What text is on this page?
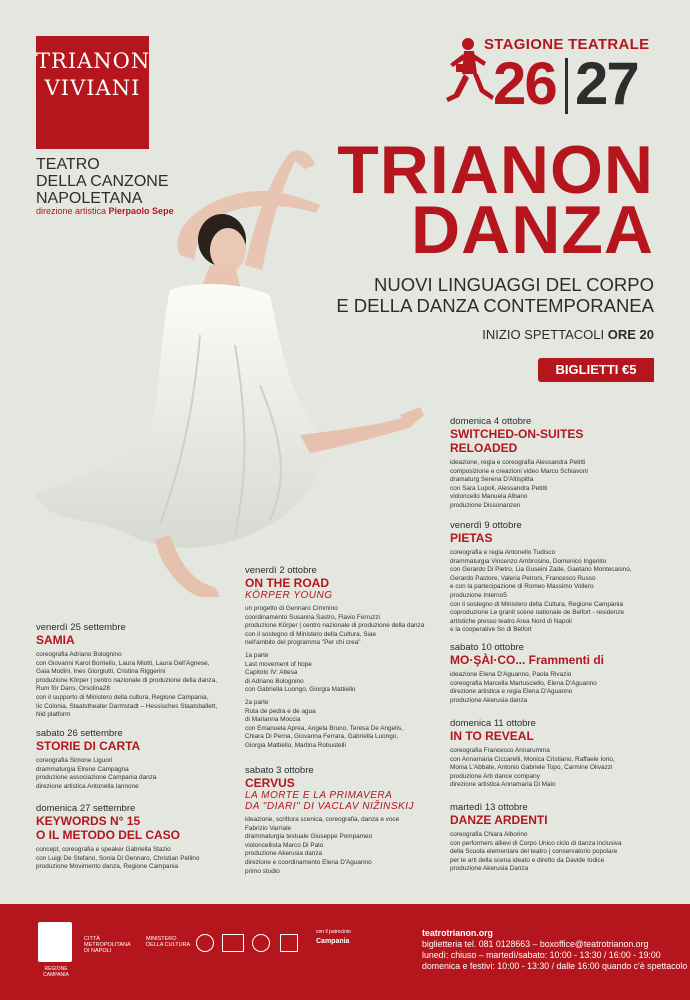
TRIANON
VIVIANI
TEATRO
DELLA CANZONE
NAPOLETANA
direzione artistica Pierpaolo Sepe
STAGIONE TEATRALE
26 27
TRIANON
DANZA
NUOVI LINGUAGGI DEL CORPO
E DELLA DANZA CONTEMPORANEA
INIZIO SPETTACOLI ORE 20
BIGLIETTI €5
venerdì 25 settembre
SAMIA

coreografia Adriano Bolognino

con Giovanni Karol Borriello, Laura Miotti, Laura Dell'Agnese,

Gaia Modini, Ines Giorgiutti, Cristina Riggerini

produzione Körper | centro nazionale di produzione della danza,

Rum för Dans, Orsolina28

con il supporto di Ministero della cultura, Regione Campania,

Iic Colonia, Staatstheater Darmstadt – Hessisches Staatsballett,

Nid platform

sabato 26 settembre
STORIE DI CARTA

coreografia Simone Liguori

drammaturgia Elrene Campagna

produzione associazione Campania danza

direzione artistica Antonella Iannone

domenica 27 settembre
KEYWORDS N° 15
O IL METODO DEL CASO

concept, coreografia e speaker Gabriella Stazio

con Luigi De Stefano, Sonia Di Gennaro, Christian Pellino

produzione Movimento danza, Regione Campania

venerdì 2 ottobre
ON THE ROAD
KÖRPER YOUNG

un progetto di Gennaro Cimmino

coordinamento Susanna Sastro, Flavio Ferruzzi

produzione Körper | centro nazionale di produzione della danza

con il sostegno di Ministero della Cultura, Siae

nell'ambito del programma "Per chi crea"

1a parte

Last movement of hope

Capitolo IV: Attesa

di Adriano Bolognino

con Gabriella Luongo, Giorgia Mattiello

2a parte

Ruta de pedra e de agua

di Marianna Moccia

con Emanuela Aprea, Angela Bruno, Teresa De Angelis,

Chiara Di Perna, Giovanna Ferrara, Gabriella Luongo,

Giorgia Mattiello, Martina Robustelli

sabato 3 ottobre
CERVUS
LA MORTE E LA PRIMAVERA
DA "DIARI" DI VACLAV NIŽINSKIJ

ideazione, scrittura scenica, coreografia, danza e voce

Fabrizio Varriale

drammaturgia testuale Giuseppe Pompameo

violoncellista Marco Di Palo

produzione Akerusia danza

direzione e coordinamento Elena D'Aguanno

primo studio

domenica 4 ottobre
SWITCHED-ON-SUITES
RELOADED

ideazione, regia e coreografia Alessandra Petitti

composizione e creazioni video Marco Schiavoni

dramaturg Serena D'Altispitta

con Sara Lupoli, Alessandra Petitti

violoncello Manuela Albano

produzione Dissonanzen

venerdì 9 ottobre
PIETAS

coreografia e regia Antonello Tudisco

drammaturgia Vincenzo Ambrosino, Domenico Ingenito

con Gerardo Di Pietro, Lia Guseini Zade, Gaetano Montecasino,

Gerardo Pastore, Valeria Petroni, Francesco Russo

e con la partecipazione di Romeo Massimo Vollero

produzione Interno5

con il sostegno di Ministero della Cultura, Regione Campania

coproduzione Le granit scène nationale de Belfort - residenze

artistiche presso teatro Area Nord di Napoli

e la cooperative Sn di Belfort

sabato 10 ottobre
MO·ŞÀI·CO... Frammenti di

ideazione Elena D'Aguanno, Paola Rivazio

coreografia Marcella Martusciello, Elena D'Aguanno

direzione artistica e regia Elena D'Aguanno

produzione Akerusia danza

domenica 11 ottobre
IN TO REVEAL

coreografia Francesco Annarumma

con Annamaria Ciccarelli, Monica Cristiano, Raffaele Iorio,

Monia L'Abbate, Antonio Gabriele Topo, Carmine Olivazzi

produzione Arb dance company

direzione artistica Annamaria Di Maio

martedì 13 ottobre
DANZE ARDENTI

coreografia Chiara Alborino

con performers allievi di Corpo Unico ciclo di danza inclusiva

della Scuola elementare del teatro | conservatorio popolare

per le arti della scena ideato e diretto da Davide Iodice

produzione Akerusia Danza

REGIONE CAMPANIA
CITTÀ METROPOLITANA DI NAPOLI
MINISTERO DELLA CULTURA
con il patrocinio
Campania
teatrotrianon.org
biglietteria tel. 081 0128663 – boxoffice@teatrotrianon.org
lunedì: chiuso – martedì/sabato: 10:00 - 13:30 / 16:00 - 19:00
domenica e festivi: 10:00 - 13:30 / dalle 16:00 quando c'è spettacolo
